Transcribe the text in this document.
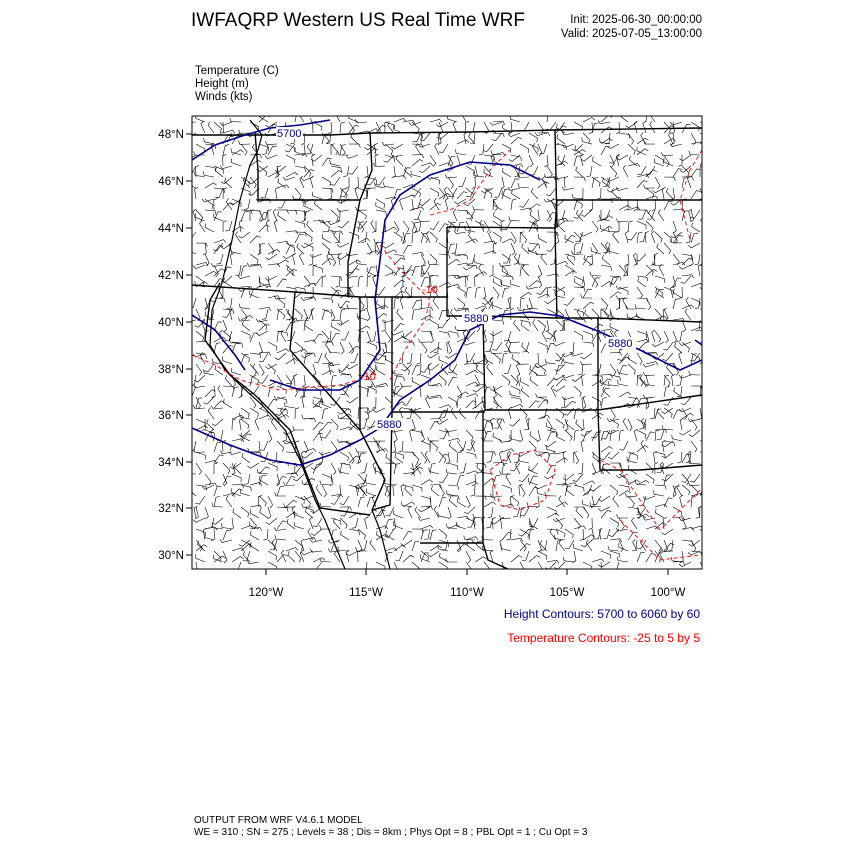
IWFAQRP Western US Real Time WRF	Init: 2025-06-30_00:00:00
Valid: 2025-07-05_13:00:00
Temperature (C)
Height (m)
Winds (kts)
48°N
46°N
44°N
42°N
40°N
38°N
36°N
34°N
32°N
30°N
120°W	115°W	110°W	105°W	100°W
5700
5880
5880
5880
-10
-10
Height Contours: 5700 to 6060 by 60
Temperature Contours: -25 to 5 by 5
OUTPUT FROM WRF V4.6.1 MODEL
WE = 310 ; SN = 275 ; Levels = 38 ; Dis = 8km ; Phys Opt = 8 ; PBL Opt = 1 ; Cu Opt = 3
